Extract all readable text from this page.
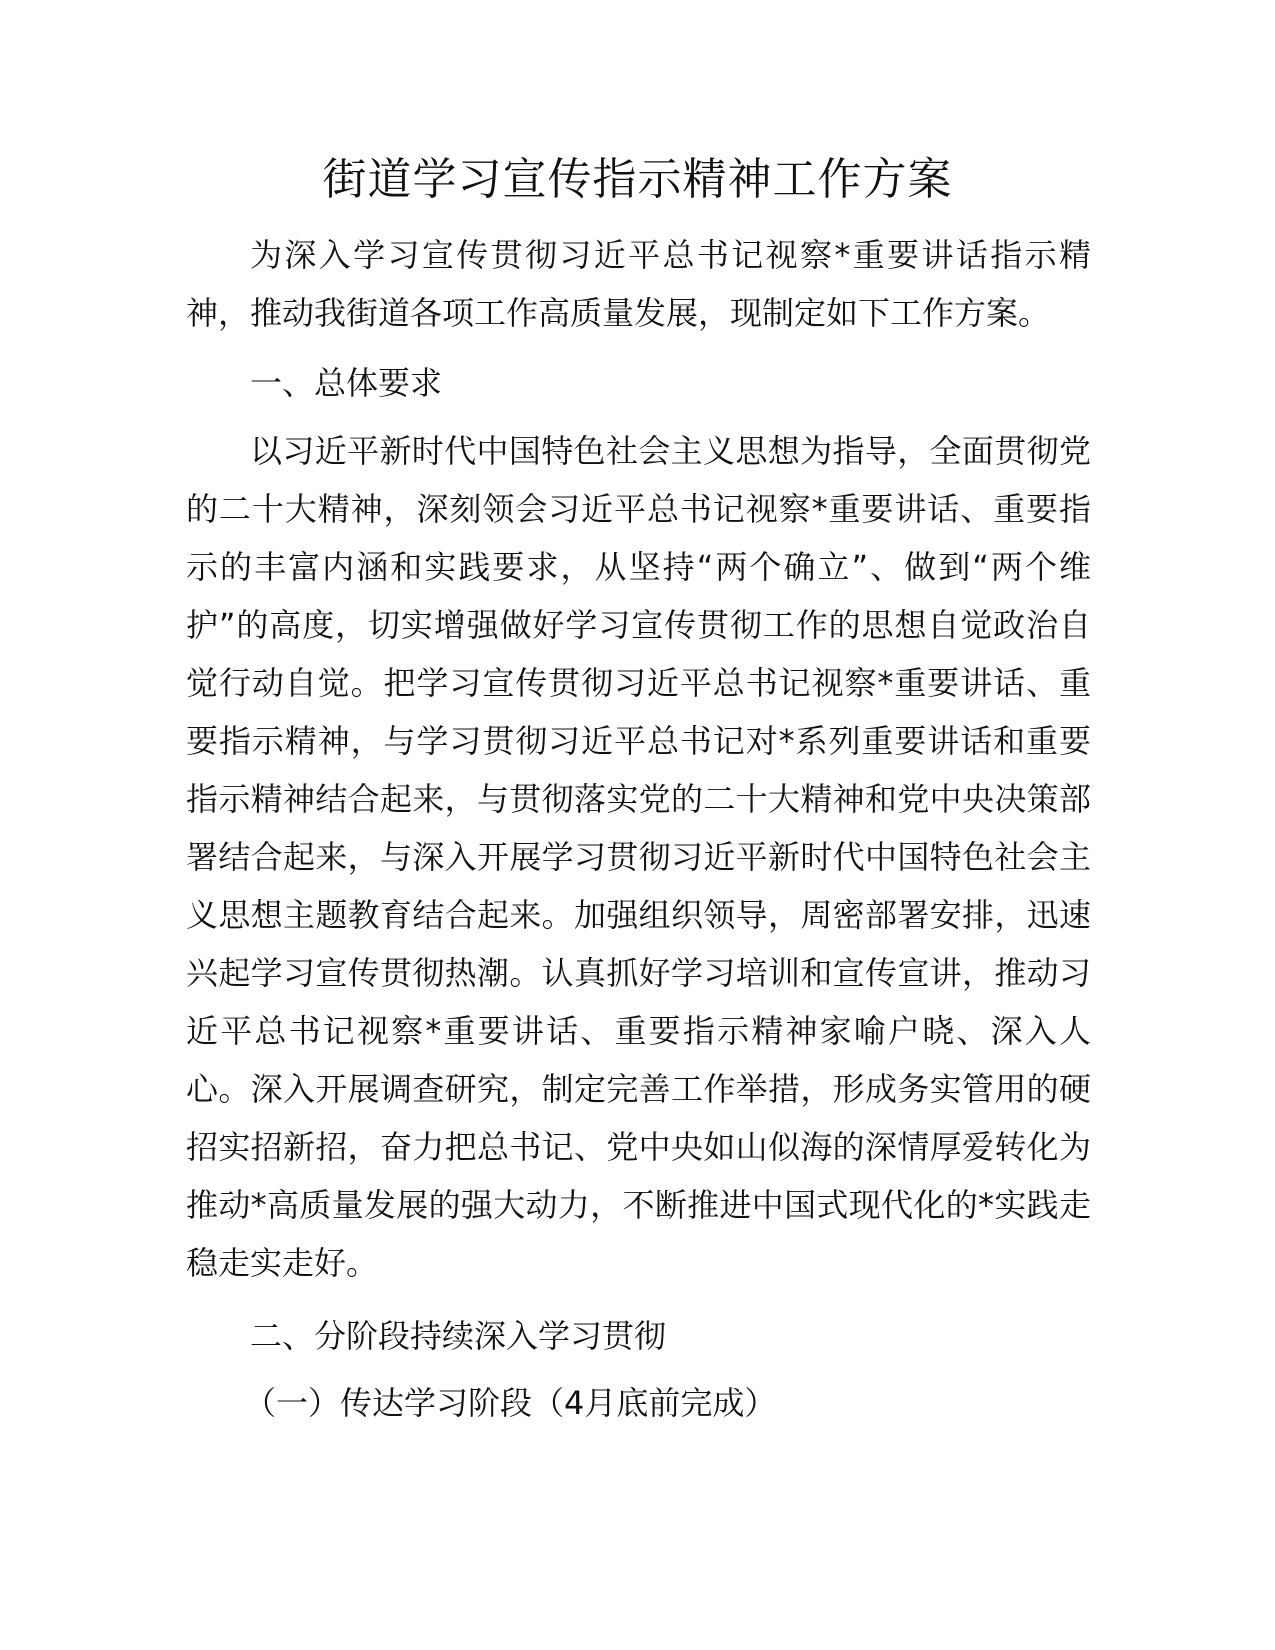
街道学习宣传指示精神工作方案

为深入学习宣传贯彻习近平总书记视察*重要讲话指示精神，推动我街道各项工作高质量发展，现制定如下工作方案。

一、总体要求

以习近平新时代中国特色社会主义思想为指导，全面贯彻党的二十大精神，深刻领会习近平总书记视察*重要讲话、重要指示的丰富内涵和实践要求，从坚持“两个确立”、做到“两个维护”的高度，切实增强做好学习宣传贯彻工作的思想自觉政治自觉行动自觉。把学习宣传贯彻习近平总书记视察*重要讲话、重要指示精神，与学习贯彻习近平总书记对*系列重要讲话和重要指示精神结合起来，与贯彻落实党的二十大精神和党中央决策部署结合起来，与深入开展学习贯彻习近平新时代中国特色社会主义思想主题教育结合起来。加强组织领导，周密部署安排，迅速兴起学习宣传贯彻热潮。认真抓好学习培训和宣传宣讲，推动习近平总书记视察*重要讲话、重要指示精神家喻户晓、深入人心。深入开展调查研究，制定完善工作举措，形成务实管用的硬招实招新招，奋力把总书记、党中央如山似海的深情厚爱转化为推动*高质量发展的强大动力，不断推进中国式现代化的*实践走稳走实走好。

二、分阶段持续深入学习贯彻

（一）传达学习阶段（4月底前完成）
